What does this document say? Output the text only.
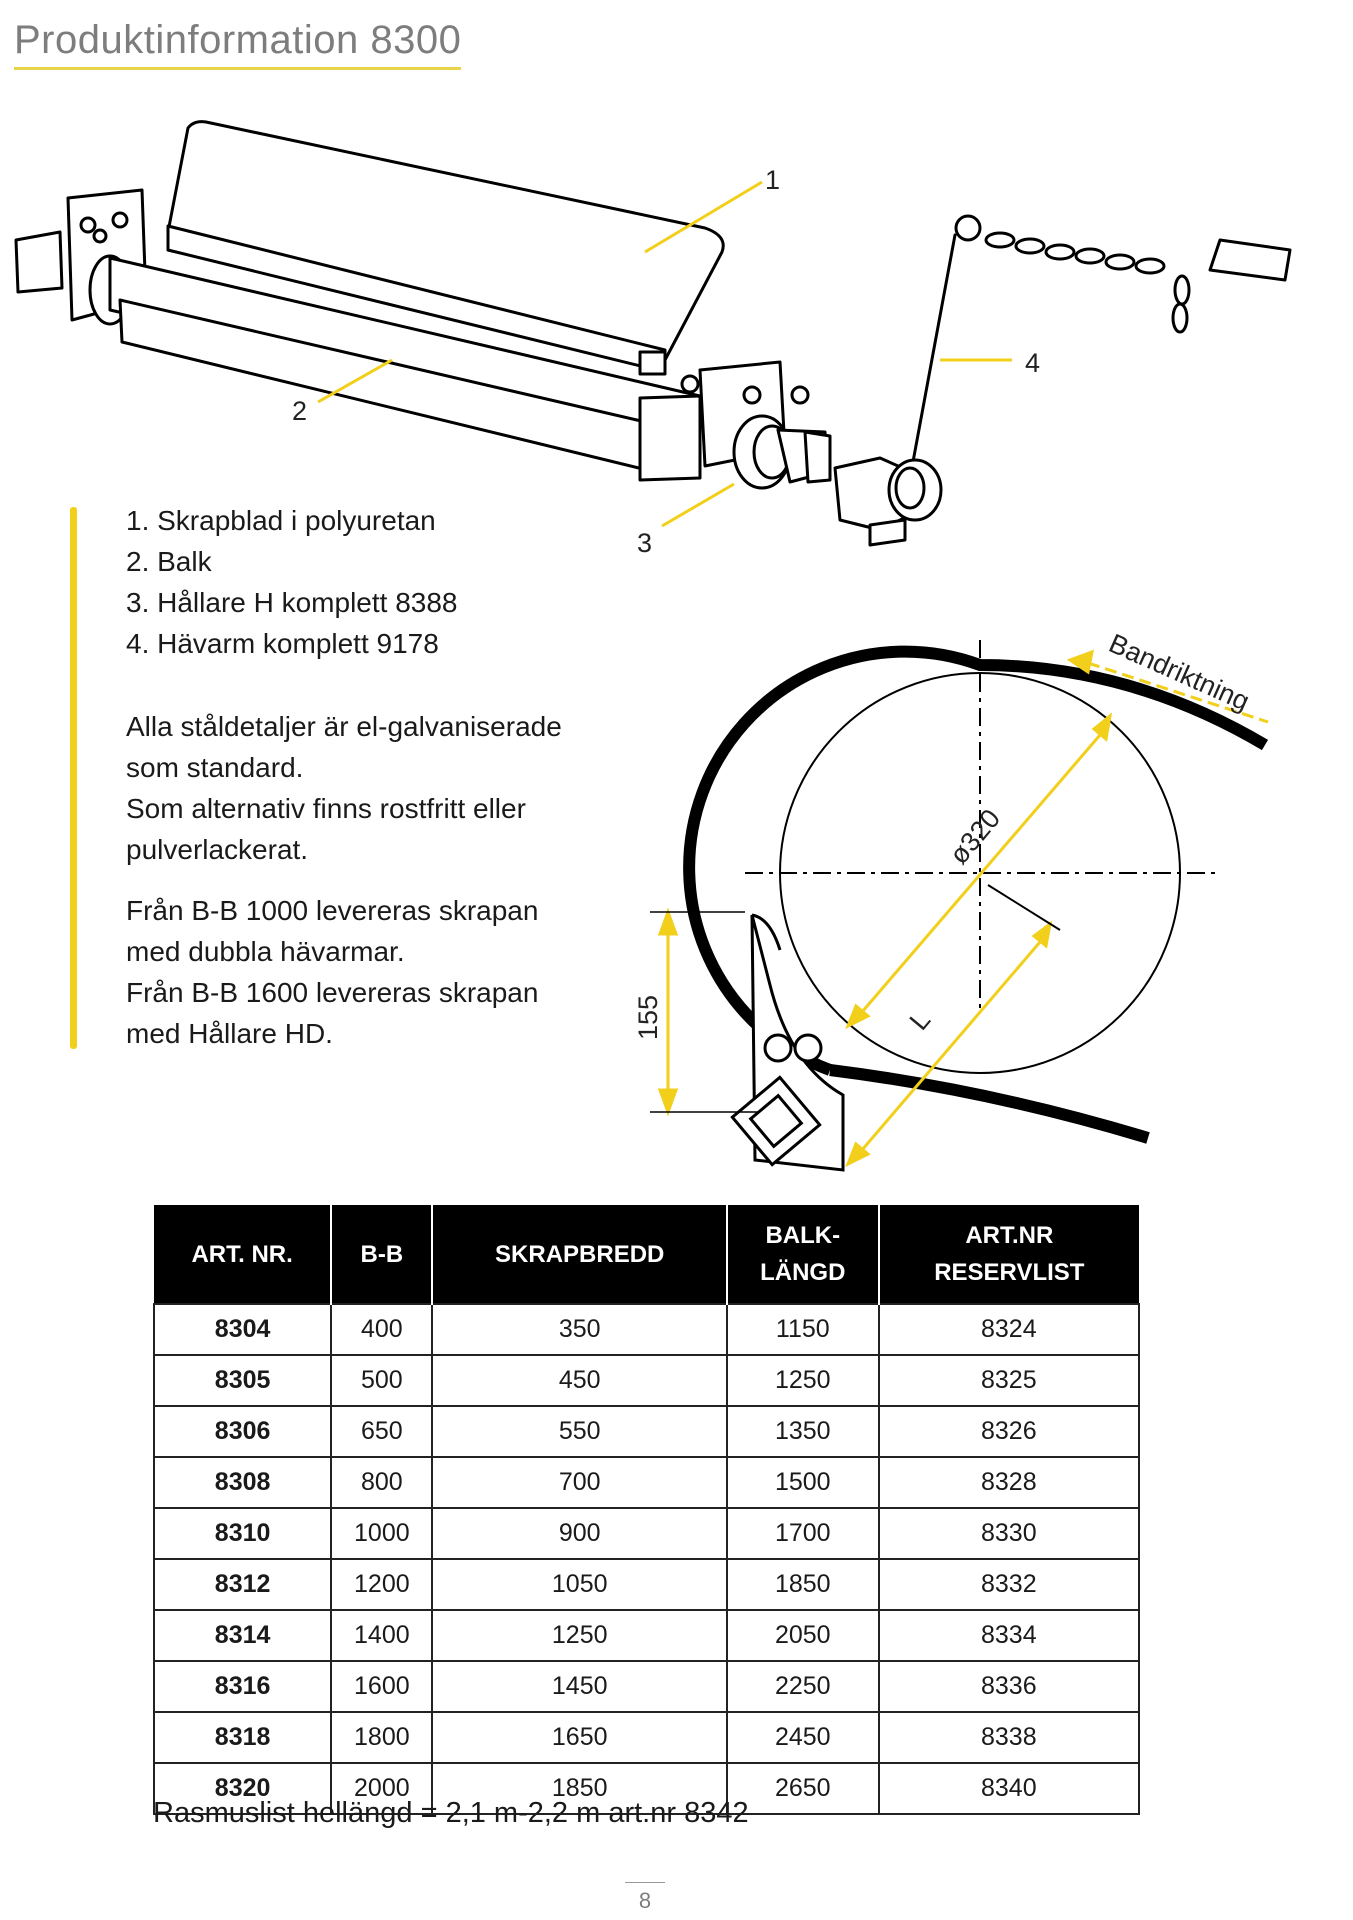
Produktinformation 8300
1
2
3
4
155
ø320
L
Bandriktning
1. Skrapblad i polyuretan
2. Balk
3. Hållare H komplett 8388
4. Hävarm komplett 9178

Alla ståldetaljer är el-galvaniserade
som standard.
Som alternativ finns rostfritt eller
pulverlackerat.

Från B-B 1000 levereras skrapan
med dubbla hävarmar.
Från B-B 1600 levereras skrapan
med Hållare HD.

ART. NR.	B-B	SKRAPBREDD	BALK-
LÄNGD	ART.NR
RESERVLIST
8304	400	350	1150	8324
8305	500	450	1250	8325
8306	650	550	1350	8326
8308	800	700	1500	8328
8310	1000	900	1700	8330
8312	1200	1050	1850	8332
8314	1400	1250	2050	8334
8316	1600	1450	2250	8336
8318	1800	1650	2450	8338
8320	2000	1850	2650	8340
Rasmuslist hellängd = 2,1 m-2,2 m art.nr 8342
8
